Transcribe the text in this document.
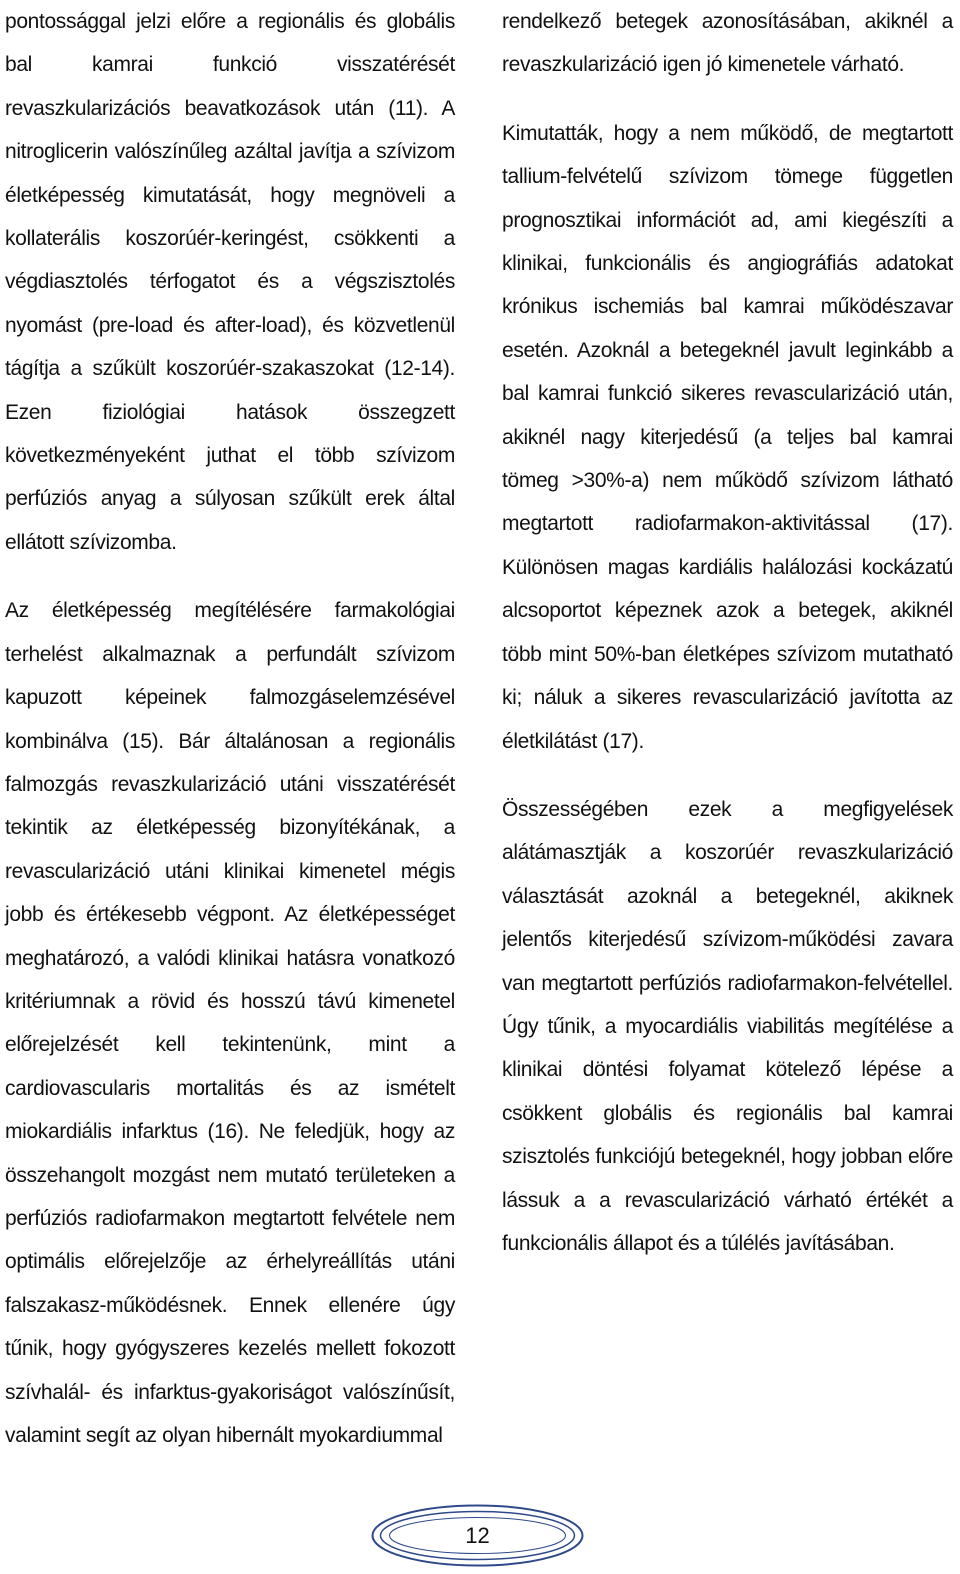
pontossággal jelzi előre a regionális és globális bal kamrai funkció visszatérését revaszkularizációs beavatkozások után (11). A nitroglicerin valószínűleg azáltal javítja a szívizom életképesség kimutatását, hogy megnöveli a kollaterális koszorúér-keringést, csökkenti a végdiasztolés térfogatot és a végszisztolés nyomást (pre-load és after-load), és közvetlenül tágítja a szűkült koszorúér-szakaszokat (12-14). Ezen fiziológiai hatások összegzett következményeként juthat el több szívizom perfúziós anyag a súlyosan szűkült erek által ellátott szívizomba.

Az életképesség megítélésére farmakológiai terhelést alkalmaznak a perfundált szívizom kapuzott képeinek falmozgáselemzésével kombinálva (15). Bár általánosan a regionális falmozgás revaszkularizáció utáni visszatérését tekintik az életképesség bizonyítékának, a revascularizáció utáni klinikai kimenetel mégis jobb és értékesebb végpont. Az életképességet meghatározó, a valódi klinikai hatásra vonatkozó kritériumnak a rövid és hosszú távú kimenetel előrejelzését kell tekintenünk, mint a cardiovascularis mortalitás és az ismételt miokardiális infarktus (16). Ne feledjük, hogy az összehangolt mozgást nem mutató területeken a perfúziós radiofarmakon megtartott felvétele nem optimális előrejelzője az érhelyreállítás utáni falszakasz-működésnek. Ennek ellenére úgy tűnik, hogy gyógyszeres kezelés mellett fokozott szívhalál- és infarktus-gyakoriságot valószínűsít, valamint segít az olyan hibernált myokardiummal

rendelkező betegek azonosításában, akiknél a revaszkularizáció igen jó kimenetele várható.

Kimutatták, hogy a nem működő, de megtartott tallium-felvételű szívizom tömege független prognosztikai információt ad, ami kiegészíti a klinikai, funkcionális és angiográfiás adatokat krónikus ischemiás bal kamrai működészavar esetén. Azoknál a betegeknél javult leginkább a bal kamrai funkció sikeres revascularizáció után, akiknél nagy kiterjedésű (a teljes bal kamrai tömeg >30%-a) nem működő szívizom látható megtartott radiofarmakon-aktivitással (17). Különösen magas kardiális halálozási kockázatú alcsoportot képeznek azok a betegek, akiknél több mint 50%-ban életképes szívizom mutatható ki; náluk a sikeres revascularizáció javította az életkilátást (17).

Összességében ezek a megfigyelések alátámasztják a koszorúér revaszkularizáció választását azoknál a betegeknél, akiknek jelentős kiterjedésű szívizom-működési zavara van megtartott perfúziós radiofarmakon-felvétellel. Úgy tűnik, a myocardiális viabilitás megítélése a klinikai döntési folyamat kötelező lépése a csökkent globális és regionális bal kamrai szisztolés funkciójú betegeknél, hogy jobban előre lássuk a a revascularizáció várható értékét a funkcionális állapot és a túlélés javításában.

12
